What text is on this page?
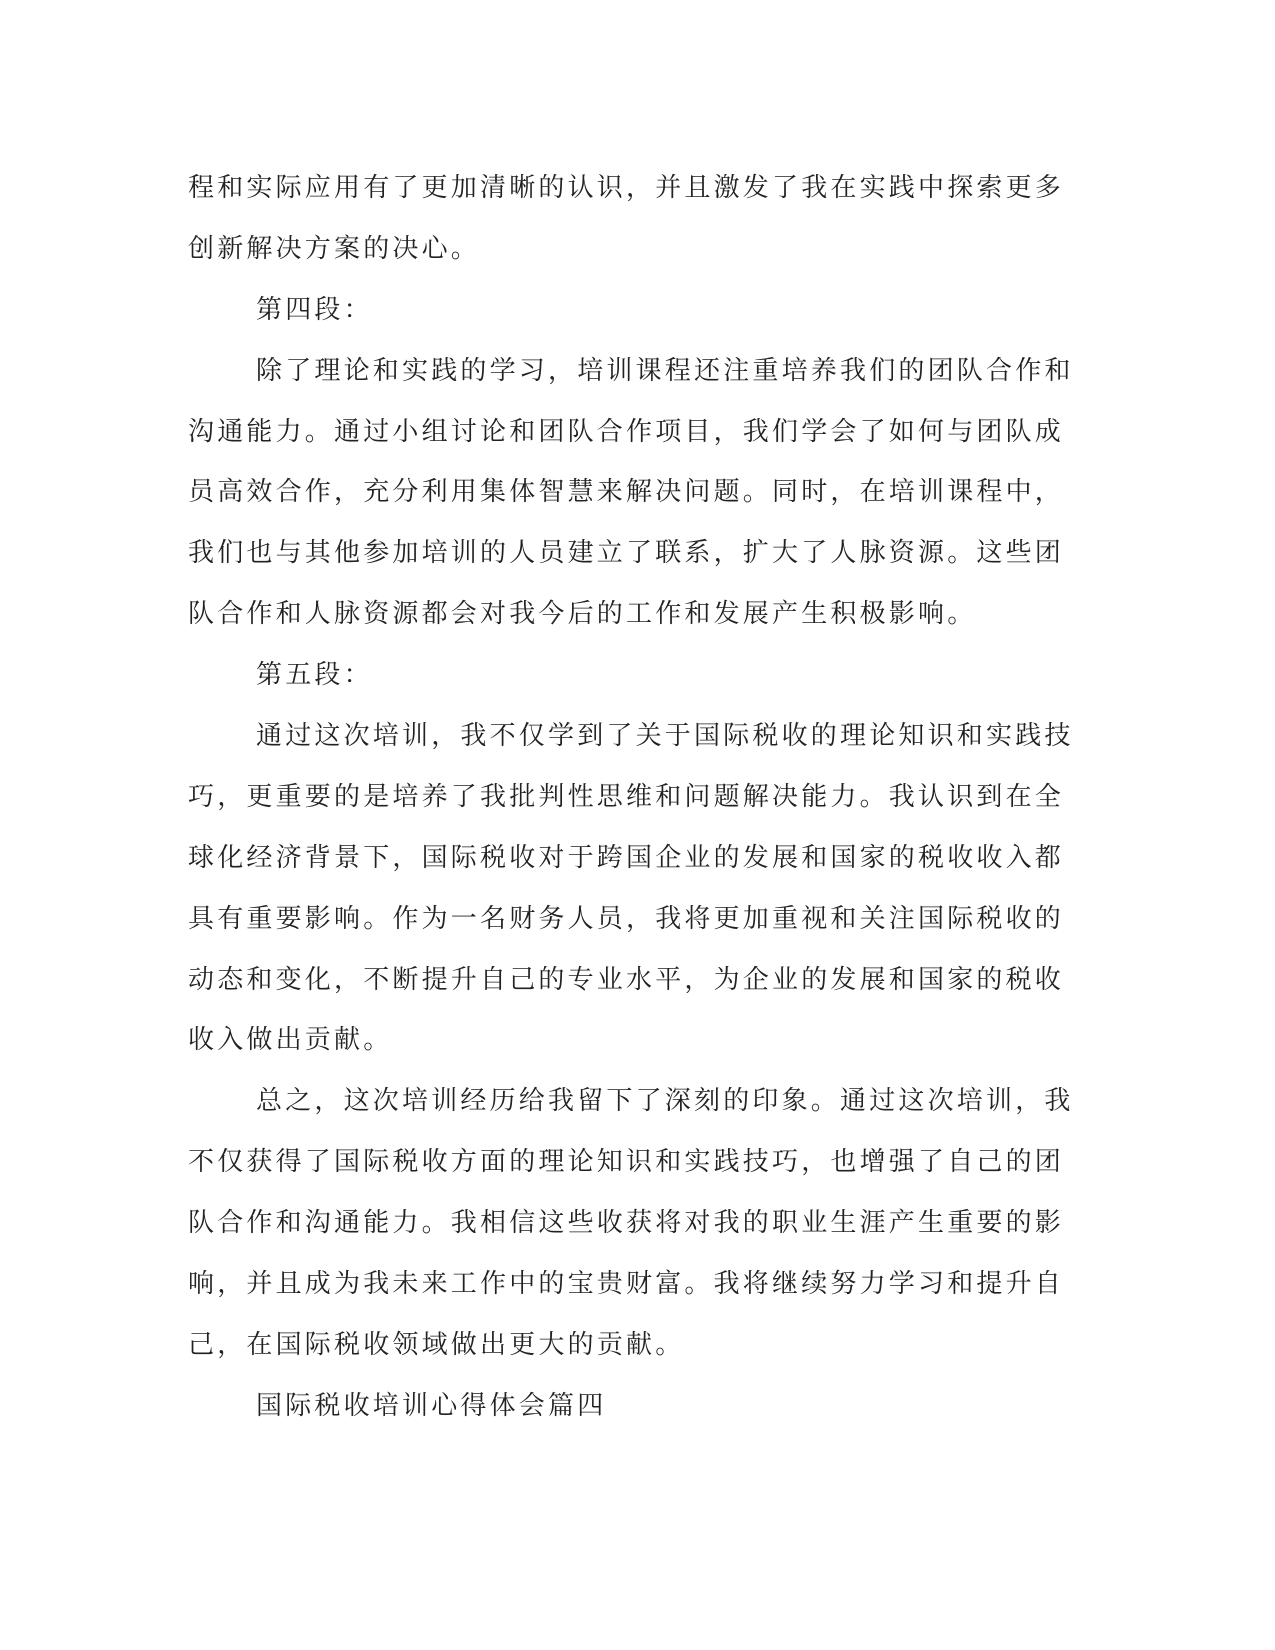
程和实际应用有了更加清晰的认识，并且激发了我在实践中探索更多

创新解决方案的决心。

第四段：

除了理论和实践的学习，培训课程还注重培养我们的团队合作和

沟通能力。通过小组讨论和团队合作项目，我们学会了如何与团队成

员高效合作，充分利用集体智慧来解决问题。同时，在培训课程中，

我们也与其他参加培训的人员建立了联系，扩大了人脉资源。这些团

队合作和人脉资源都会对我今后的工作和发展产生积极影响。

第五段：

通过这次培训，我不仅学到了关于国际税收的理论知识和实践技

巧，更重要的是培养了我批判性思维和问题解决能力。我认识到在全

球化经济背景下，国际税收对于跨国企业的发展和国家的税收收入都

具有重要影响。作为一名财务人员，我将更加重视和关注国际税收的

动态和变化，不断提升自己的专业水平，为企业的发展和国家的税收

收入做出贡献。

总之，这次培训经历给我留下了深刻的印象。通过这次培训，我

不仅获得了国际税收方面的理论知识和实践技巧，也增强了自己的团

队合作和沟通能力。我相信这些收获将对我的职业生涯产生重要的影

响，并且成为我未来工作中的宝贵财富。我将继续努力学习和提升自

己，在国际税收领域做出更大的贡献。

国际税收培训心得体会篇四
